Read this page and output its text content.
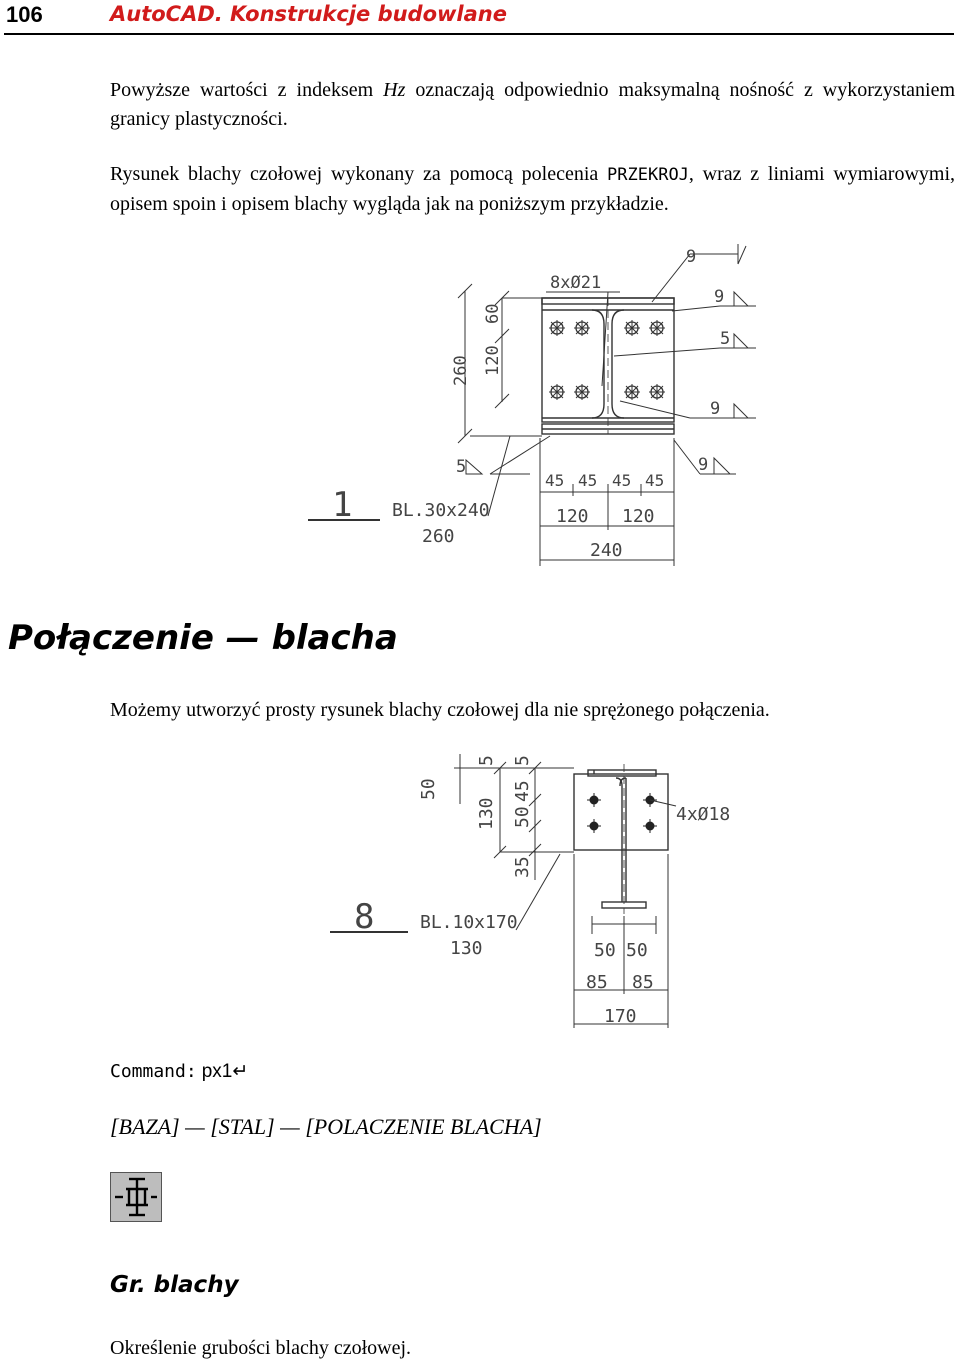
106	AutoCAD. Konstrukcje budowlane

Powyższe wartości z indeksem Hz oznaczają odpowiednio maksymalną nośność z wykorzystaniem granicy plastyczności.

Rysunek blachy czołowej wykonany za pomocą polecenia PRZEKROJ, wraz z liniami wymiarowymi, opisem spoin i opisem blachy wygląda jak na poniższym przykładzie.

8xØ21
9
9
5
9
5	9
260 120
60
1 BL.30x240
260
45 45 45 45
120 120
240
Połączenie — blacha

Możemy utworzyć prosty rysunek blachy czołowej dla nie sprężonego połączenia.

4xØ18
50
130
5
35
50
45
5
8	BL.10x170
130	50 50
85 85
170
Command: px1↵
[BAZA] — [STAL] — [POLACZENIE BLACHA]
Gr. blachy

Określenie grubości blachy czołowej.
